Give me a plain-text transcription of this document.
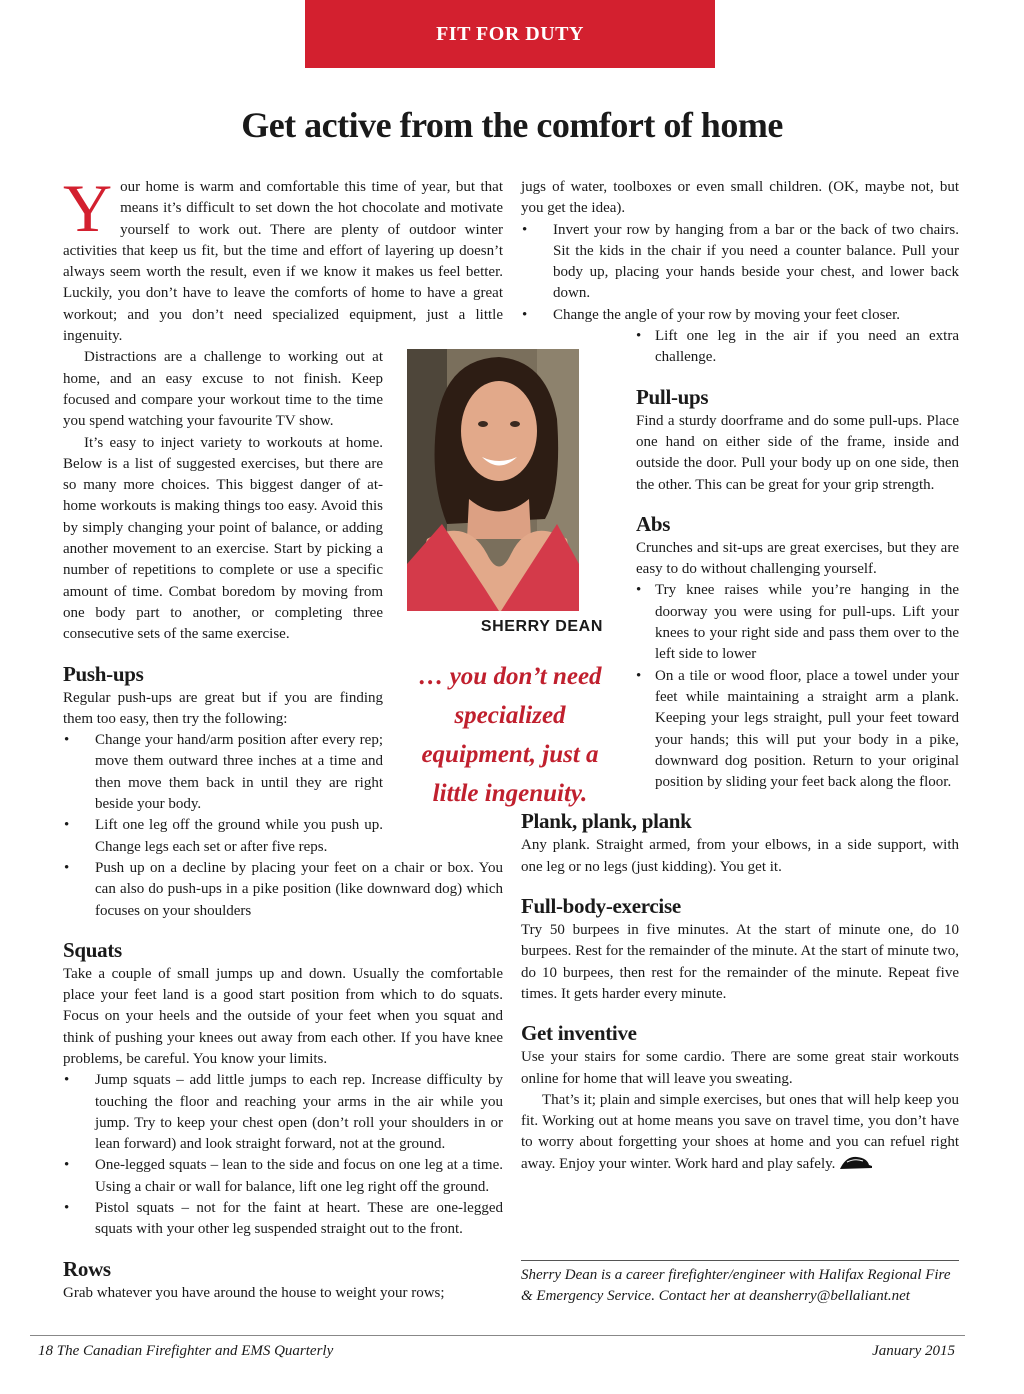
FIT FOR DUTY
Get active from the comfort of home

Your home is warm and comfortable this time of year, but that means it’s difficult to set down the hot chocolate and motivate yourself to work out. There are plenty of outdoor winter activities that keep us fit, but the time and effort of layering up doesn’t always seem worth the result, even if we know it makes us feel better. Luckily, you don’t have to leave the comforts of home to have a great workout; and you don’t need specialized equipment, just a little ingenuity.

Distractions are a challenge to working out at home, and an easy excuse to not finish. Keep focused and compare your workout time to the time you spend watching your favourite TV show.

It’s easy to inject variety to workouts at home. Below is a list of suggested exercises, but there are so many more choices. This biggest danger of at-home workouts is making things too easy. Avoid this by simply changing your point of balance, or adding another movement to an exercise. Start by picking a number of repetitions to complete or use a specific amount of time. Combat boredom by moving from one body part to another, or completing three consecutive sets of the same exercise.

Push-ups

Regular push-ups are great but if you are finding them too easy, then try the following:

• Change your hand/arm position after every rep; move them outward three inches at a time and then move them back in until they are right beside your body.
• Lift one leg off the ground while you push up. Change legs each set or after five reps.
• Push up on a decline by placing your feet on a chair or box. You can also do push-ups in a pike position (like downward dog) which focuses on your shoulders
Squats

Take a couple of small jumps up and down. Usually the comfortable place your feet land is a good start position from which to do squats. Focus on your heels and the outside of your feet when you squat and think of pushing your knees out away from each other. If you have knee problems, be careful. You know your limits.

• Jump squats – add little jumps to each rep. Increase difficulty by touching the floor and reaching your arms in the air while you jump. Try to keep your chest open (don’t roll your shoulders in or lean forward) and look straight forward, not at the ground.
• One-legged squats – lean to the side and focus on one leg at a time. Using a chair or wall for balance, lift one leg right off the ground.
• Pistol squats – not for the faint at heart. These are one-legged squats with your other leg suspended straight out to the front.
Rows

Grab whatever you have around the house to weight your rows;

SHERRY DEAN
… you don’t need specialized equipment, just a little ingenuity.

jugs of water, toolboxes or even small children. (OK, maybe not, but you get the idea).

• Invert your row by hanging from a bar or the back of two chairs. Sit the kids in the chair if you need a counter balance. Pull your body up, placing your hands beside your chest, and lower back down.
• Change the angle of your row by moving your feet closer.
• Lift one leg in the air if you need an extra challenge.
Pull-ups

Find a sturdy doorframe and do some pull-ups. Place one hand on either side of the frame, inside and outside the door. Pull your body up on one side, then the other. This can be great for your grip strength.

Abs

Crunches and sit-ups are great exercises, but they are easy to do without challenging yourself.

• Try knee raises while you’re hanging in the doorway you were using for pull-ups. Lift your knees to your right side and pass them over to the left side to lower
• On a tile or wood floor, place a towel under your feet while maintaining a straight arm a plank. Keeping your legs straight, pull your feet toward your hands; this will put your body in a pike, downward dog position. Return to your original position by sliding your feet back along the floor.
Plank, plank, plank

Any plank. Straight armed, from your elbows, in a side support, with one leg or no legs (just kidding). You get it.

Full-body-exercise

Try 50 burpees in five minutes. At the start of minute one, do 10 burpees. Rest for the remainder of the minute. At the start of minute two, do 10 burpees, then rest for the remainder of the minute. Repeat five times. It gets harder every minute.

Get inventive

Use your stairs for some cardio. There are some great stair workouts online for home that will leave you sweating.

That’s it; plain and simple exercises, but ones that will help keep you fit. Working out at home means you save on travel time, you don’t have to worry about forgetting your shoes at home and you can refuel right away. Enjoy your winter. Work hard and play safely.

Sherry Dean is a career firefighter/engineer with Halifax Regional Fire & Emergency Service. Contact her at deansherry@bellaliant.net
18 The Canadian Firefighter and EMS Quarterly	January 2015
